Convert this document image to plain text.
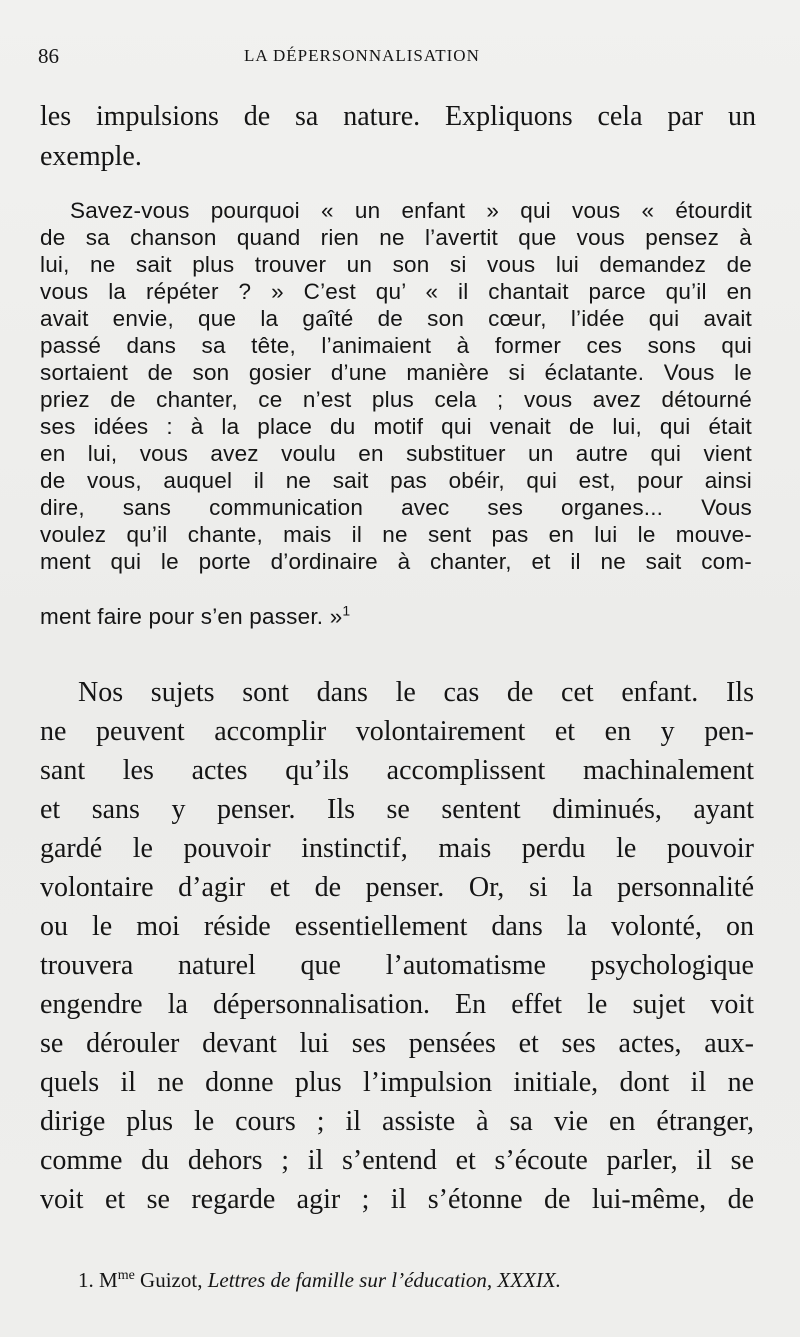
86	LA DÉPERSONNALISATION
les impulsions de sa nature. Expliquons cela par un
exemple.
Savez-vous pourquoi « un enfant » qui vous « étourdit
de sa chanson quand rien ne l’avertit que vous pensez à
lui, ne sait plus trouver un son si vous lui demandez de
vous la répéter ? » C’est qu’ « il chantait parce qu’il en
avait envie, que la gaîté de son cœur, l’idée qui avait
passé dans sa tête, l’animaient à former ces sons qui
sortaient de son gosier d’une manière si éclatante. Vous le
priez de chanter, ce n’est plus cela ; vous avez détourné
ses idées : à la place du motif qui venait de lui, qui était
en lui, vous avez voulu en substituer un autre qui vient
de vous, auquel il ne sait pas obéir, qui est, pour ainsi
dire, sans communication avec ses organes... Vous
voulez qu’il chante, mais il ne sent pas en lui le mouve-
ment qui le porte d’ordinaire à chanter, et il ne sait com-
ment faire pour s’en passer. »$^1$
Nos sujets sont dans le cas de cet enfant. Ils
ne peuvent accomplir volontairement et en y pen-
sant les actes qu’ils accomplissent machinalement
et sans y penser. Ils se sentent diminués, ayant
gardé le pouvoir instinctif, mais perdu le pouvoir
volontaire d’agir et de penser. Or, si la personnalité
ou le moi réside essentiellement dans la volonté, on
trouvera naturel que l’automatisme psychologique
engendre la dépersonnalisation. En effet le sujet voit
se dérouler devant lui ses pensées et ses actes, aux-
quels il ne donne plus l’impulsion initiale, dont il ne
dirige plus le cours ; il assiste à sa vie en étranger,
comme du dehors ; il s’entend et s’écoute parler, il se
voit et se regarde agir ; il s’étonne de lui-même, de
1. $M^{me}$ Guizot, Lettres de famille sur l’éducation, XXXIX.
